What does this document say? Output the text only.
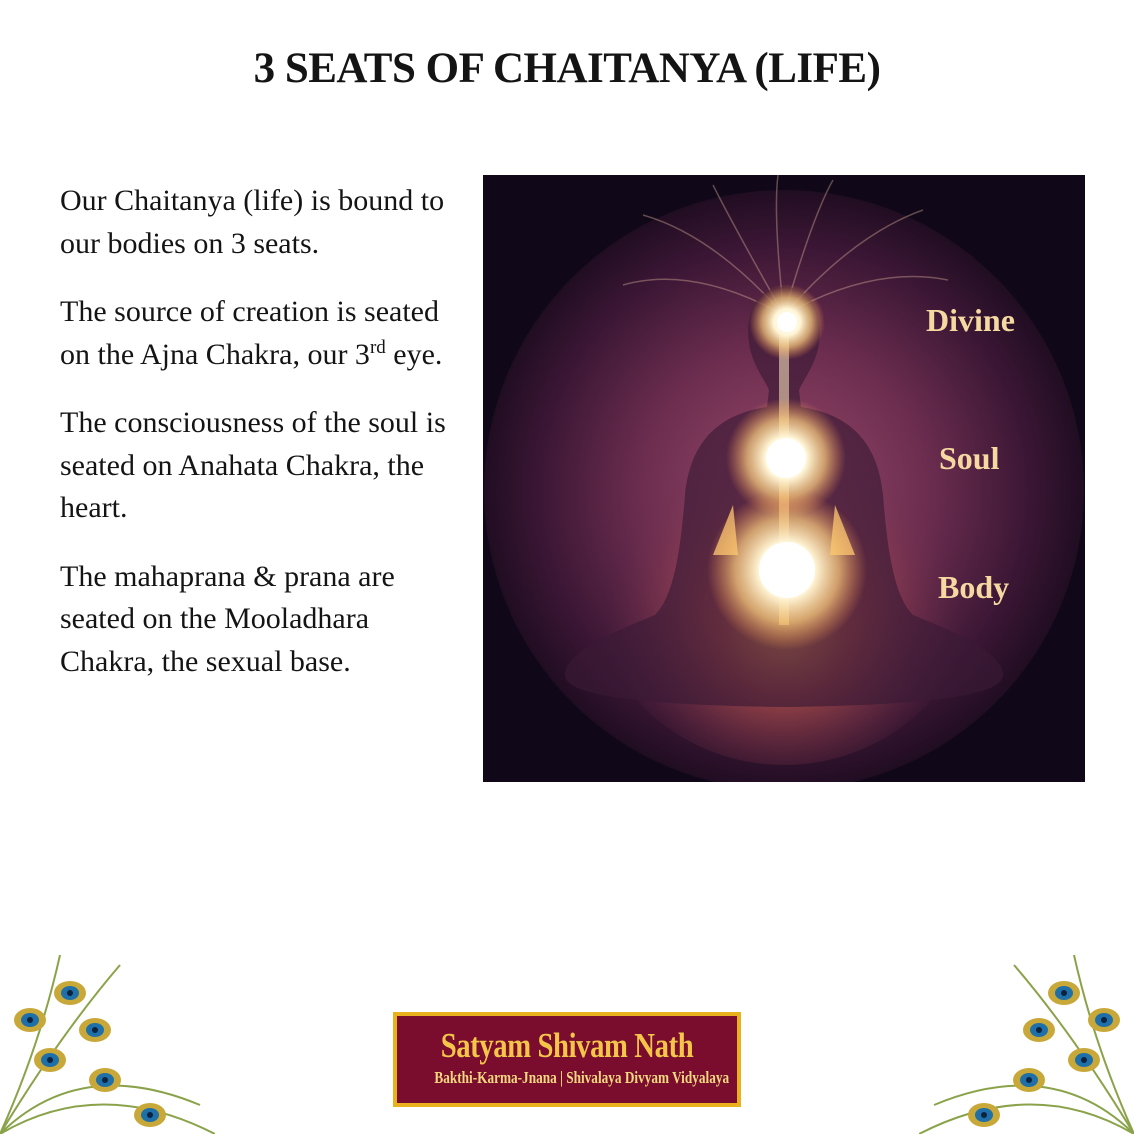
3 SEATS OF CHAITANYA (LIFE)

Our Chaitanya (life) is bound to our bodies on 3 seats.

The source of creation is seated on the Ajna Chakra, our 3rd eye.

The consciousness of the soul is seated on Anahata Chakra, the heart.

The mahaprana & prana are seated on the Mooladhara Chakra, the sexual base.

Divine
Soul
Body
Satyam Shivam Nath
Bakthi-Karma-Jnana | Shivalaya Divyam Vidyalaya
